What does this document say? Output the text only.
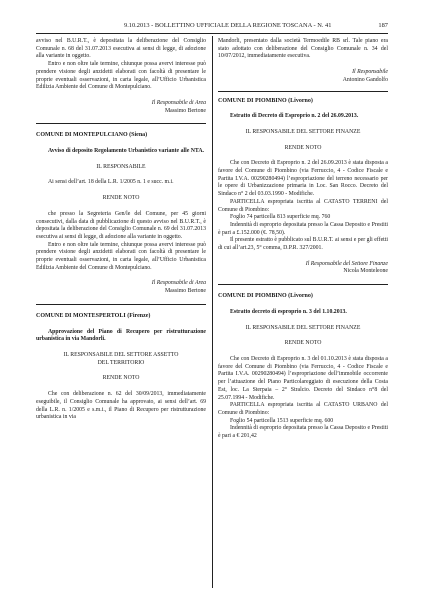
9.10.2013 - BOLLETTINO UFFICIALE DELLA REGIONE TOSCANA - N. 41	187

avviso nel B.U.R.T., è depositata la deliberazione del Consiglio Comunale n. 68 del 31.07.2013 esecutiva ai sensi di legge, di adozione alla variante in oggetto.

Entro e non oltre tale termine, chiunque possa avervi interesse può prendere visione degli anzidetti elaborati con facoltà di presentare le proprie eventuali osservazioni, in carta legale, all’Ufficio Urbanistica Edilizia Ambiente del Comune di Montepulciano.

Il Responsabile di Area

Massimo Bertone

COMUNE DI MONTEPULCIANO (Siena)

Avviso di deposito Regolamento Urbanistico variante alle NTA.

IL RESPONSABILE

Ai sensi dell’art. 18 della L.R. 1/2005 n. 1 e succ. m.i.

RENDE NOTO

che presso la Segreteria Gen/le del Comune, per 45 giorni consecutivi, dalla data di pubblicazione di questo avviso nel B.U.R.T., è depositata la deliberazione del Consiglio Comunale n. 69 del 31.07.2013 esecutiva ai sensi di legge, di adozione alla variante in oggetto.

Entro e non oltre tale termine, chiunque possa avervi interesse può prendere visione degli anzidetti elaborati con facoltà di presentare le proprie eventuali osservazioni, in carta legale, all’Ufficio Urbanistica Edilizia Ambiente del Comune di Montepulciano.

Il Responsabile di Area

Massimo Bertone

COMUNE DI MONTESPERTOLI (Firenze)

Approvazione del Piano di Recupero per ristrutturazione urbanistica in via Mandorli.

IL RESPONSABILE DEL SETTORE ASSETTO DEL TERRITORIO

RENDE NOTO

Che con deliberazione n. 62 del 30/09/2013, immediatamente eseguibile, il Consiglio Comunale ha approvato, ai sensi dell’art. 69 della L.R. n. 1/2005 e s.m.i., il Piano di Recupero per ristrutturazione urbanistica in via

Mandorli, presentato dalla società Termoedile RB srl. Tale piano era stato adottato con deliberazione del Consiglio Comunale n. 34 del 10/07/2012, immediatamente esecutiva.

Il Responsabile

Antonino Gandolfo

COMUNE DI PIOMBINO (Livorno)

Estratto di Decreto di Esproprio n. 2 del 26.09.2013.

IL RESPONSABILE DEL SETTORE FINANZE

RENDE NOTO

Che con Decreto di Esproprio n. 2 del 26.09.2013 è stata disposta a favore del Comune di Piombino (via Ferruccio, 4 - Codice Fiscale e Partita I.V.A. 00290280494) l’espropriazione del terreno necessario per le opere di Urbanizzazione primaria in Loc. San Rocco. Decreto del Sindaco n° 2 del 03.03.1990 - Modifiche.

PARTICELLA espropriata iscritta al CATASTO TERRENI del Comune di Piombino:

Foglio 74 particella 813 superficie mq. 760

Indennità di esproprio depositata presso la Cassa Deposito e Prestiti è pari a £.152.000 (€. 78,50).

Il presente estratto è pubblicato sul B.U.R.T. ai sensi e per gli effetti di cui all’art.23, 5° comma, D.P.R. 327/2001.

Il Responsabile del Settore Finanze

Nicola Monteleone

COMUNE DI PIOMBINO (Livorno)

Estratto decreto di esproprio n. 3 del 1.10.2013.

IL RESPONSABILE DEL SETTORE FINANZE

RENDE NOTO

Che con Decreto di Esproprio n. 3 del 01.10.2013 è stata disposta a favore del Comune di Piombino (via Ferruccio, 4 - Codice Fiscale e Partita I.V.A. 00290280494) l’espropriazione dell’immobile occorrente per l’attuazione del Piano Particolareggiato di esecuzione della Costa Est, loc. La Sterpaia – 2° Stralcio. Decreto del Sindaco n°8 del 25.07.1994 - Modifiche.

PARTICELLA espropriata iscritta al CATASTO URBANO del Comune di Piombino:

Foglio 54 particella 1513 superficie mq. 600

Indennità di esproprio depositata presso la Cassa Deposito e Prestiti è pari a € 201,42
